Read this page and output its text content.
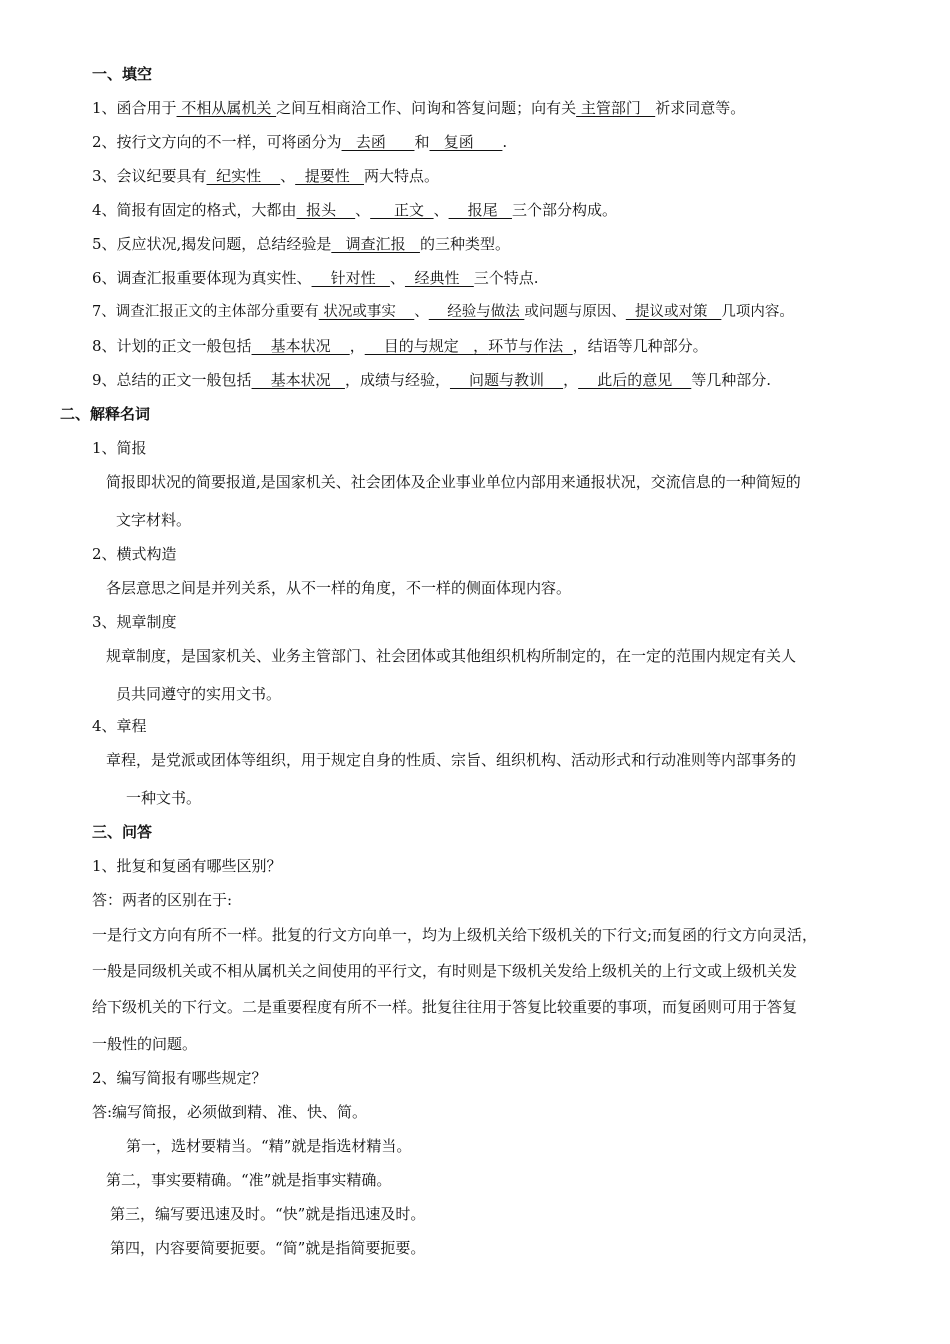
一、填空
1、函合用于 不相从属机关 之间互相商洽工作、问询和答复问题；向有关 主管部门   祈求同意等。
2、按行文方向的不一样，可将函分为   去函      和   复函      .
3、会议纪要具有  纪实性    、  提要性   两大特点。
4、简报有固定的格式，大都由  报头    、     正文  、    报尾   三个部分构成。
5、反应状况,揭发问题，总结经验是   调查汇报   的三种类型。
6、调查汇报重要体现为真实性、    针对性   、  经典性   三个特点.
7、调查汇报正文的主体部分重要有 状况或事实    、    经验与做法 或问题与原因、  提议或对策   几项内容。
8、计划的正文一般包括    基本状况    ，    目的与规定   ，环节与作法  ，结语等几种部分。
9、总结的正文一般包括    基本状况   ，成绩与经验，    问题与教训    ，    此后的意见    等几种部分.
二、解释名词
1、简报
简报即状况的简要报道,是国家机关、社会团体及企业事业单位内部用来通报状况，交流信息的一种简短的
文字材料。
2、横式构造
各层意思之间是并列关系，从不一样的角度，不一样的侧面体现内容。
3、规章制度
规章制度，是国家机关、业务主管部门、社会团体或其他组织机构所制定的，在一定的范围内规定有关人
员共同遵守的实用文书。
4、章程
章程，是党派或团体等组织，用于规定自身的性质、宗旨、组织机构、活动形式和行动准则等内部事务的
一种文书。
三、问答
1、批复和复函有哪些区别？
答：两者的区别在于:
一是行文方向有所不一样。批复的行文方向单一，均为上级机关给下级机关的下行文;而复函的行文方向灵活，
一般是同级机关或不相从属机关之间使用的平行文，有时则是下级机关发给上级机关的上行文或上级机关发
给下级机关的下行文。二是重要程度有所不一样。批复往往用于答复比较重要的事项，而复函则可用于答复
一般性的问题。
2、编写简报有哪些规定？
答:编写简报，必须做到精、准、快、简。
第一，选材要精当。“精”就是指选材精当。
第二，事实要精确。“准”就是指事实精确。
第三，编写要迅速及时。“快”就是指迅速及时。
第四，内容要简要扼要。“简”就是指简要扼要。
